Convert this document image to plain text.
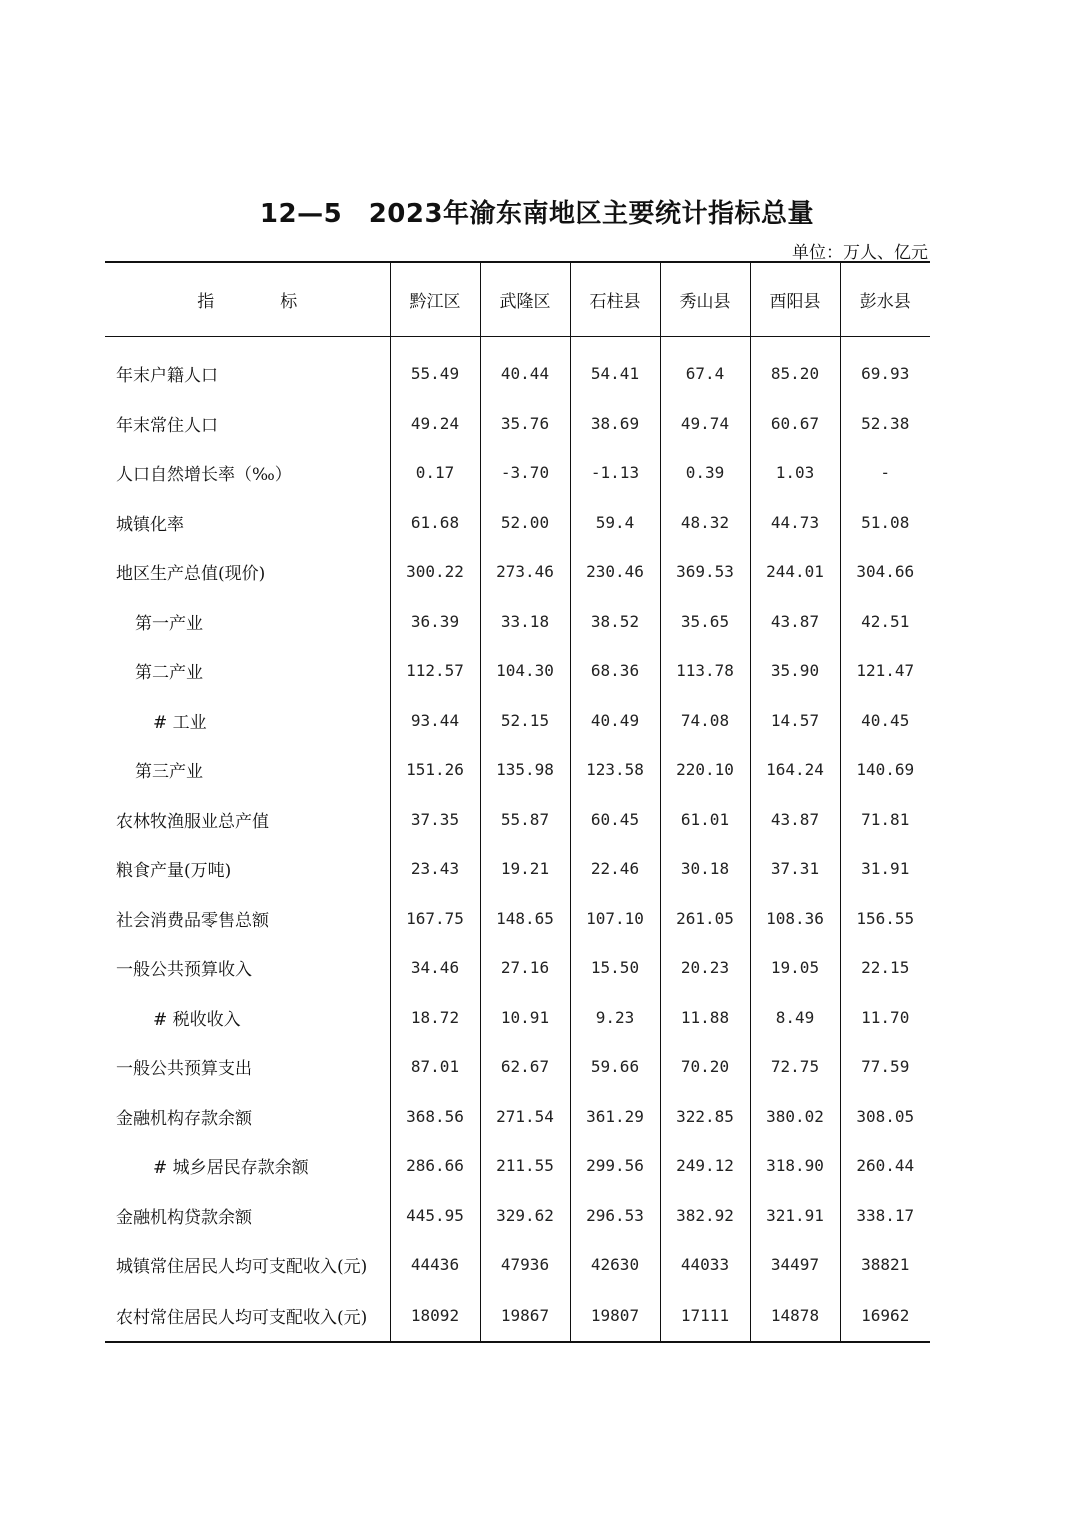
12—5　2023年渝东南地区主要统计指标总量
单位：万人、亿元
指 标	黔江区	武隆区	石柱县	秀山县	酉阳县	彭水县
年末户籍人口	55.49	40.44	54.41	67.4	85.20	69.93
年末常住人口	49.24	35.76	38.69	49.74	60.67	52.38
人口自然增长率（‰）	0.17	-3.70	-1.13	0.39	1.03	-
城镇化率	61.68	52.00	59.4	48.32	44.73	51.08
地区生产总值(现价)	300.22	273.46	230.46	369.53	244.01	304.66
第一产业	36.39	33.18	38.52	35.65	43.87	42.51
第二产业	112.57	104.30	68.36	113.78	35.90	121.47
# 工业	93.44	52.15	40.49	74.08	14.57	40.45
第三产业	151.26	135.98	123.58	220.10	164.24	140.69
农林牧渔服业总产值	37.35	55.87	60.45	61.01	43.87	71.81
粮食产量(万吨)	23.43	19.21	22.46	30.18	37.31	31.91
社会消费品零售总额	167.75	148.65	107.10	261.05	108.36	156.55
一般公共预算收入	34.46	27.16	15.50	20.23	19.05	22.15
# 税收收入	18.72	10.91	9.23	11.88	8.49	11.70
一般公共预算支出	87.01	62.67	59.66	70.20	72.75	77.59
金融机构存款余额	368.56	271.54	361.29	322.85	380.02	308.05
# 城乡居民存款余额	286.66	211.55	299.56	249.12	318.90	260.44
金融机构贷款余额	445.95	329.62	296.53	382.92	321.91	338.17
城镇常住居民人均可支配收入(元)	44436	47936	42630	44033	34497	38821
农村常住居民人均可支配收入(元)	18092	19867	19807	17111	14878	16962
